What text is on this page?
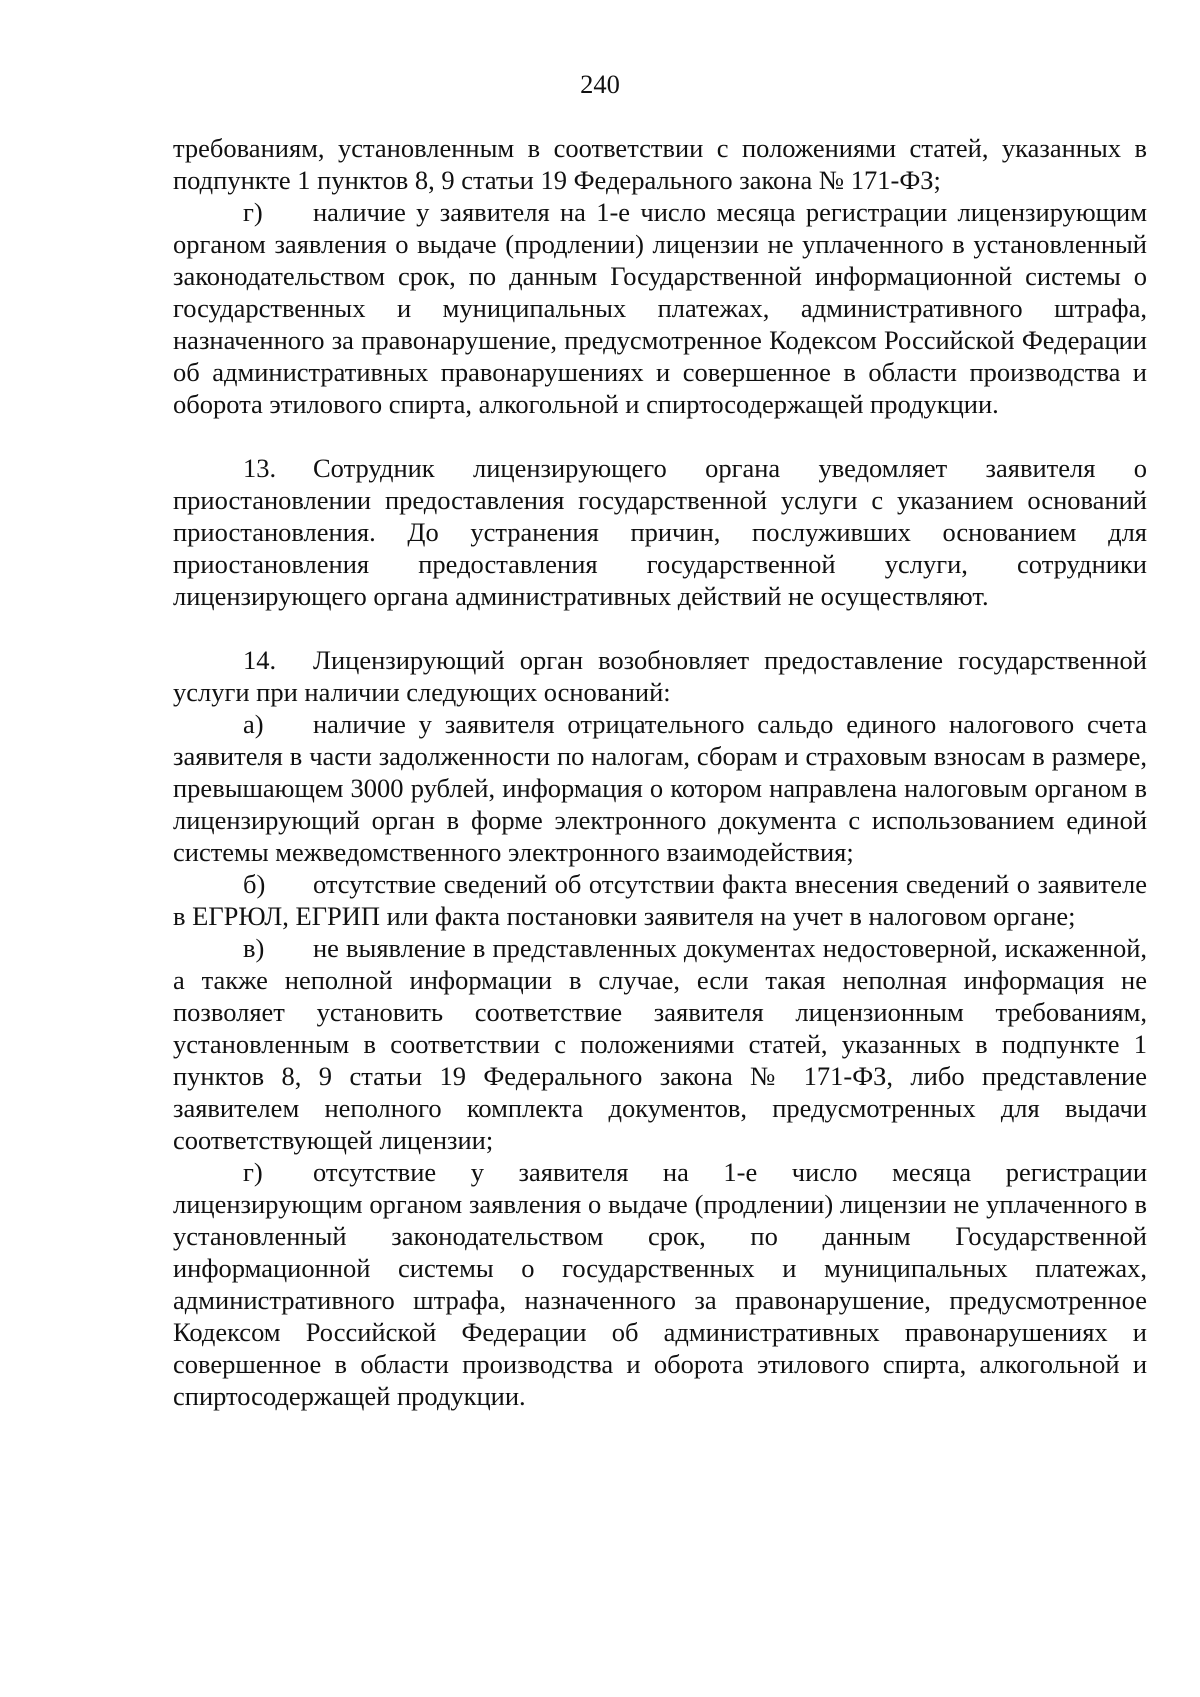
240

требованиям, установленным в соответствии с положениями статей, указанных в подпункте 1 пунктов 8, 9 статьи 19 Федерального закона № 171-ФЗ;

г) наличие у заявителя на 1-е число месяца регистрации лицензирующим органом заявления о выдаче (продлении) лицензии не уплаченного в установленный законодательством срок, по данным Государственной информационной системы о государственных и муниципальных платежах, административного штрафа, назначенного за правонарушение, предусмотренное Кодексом Российской Федерации об административных правонарушениях и совершенное в области производства и оборота этилового спирта, алкогольной и спиртосодержащей продукции.

13. Сотрудник лицензирующего органа уведомляет заявителя о приостановлении предоставления государственной услуги с указанием оснований приостановления. До устранения причин, послуживших основанием для приостановления предоставления государственной услуги, сотрудники лицензирующего органа административных действий не осуществляют.

14. Лицензирующий орган возобновляет предоставление государственной услуги при наличии следующих оснований:

а) наличие у заявителя отрицательного сальдо единого налогового счета заявителя в части задолженности по налогам, сборам и страховым взносам в размере, превышающем 3000 рублей, информация о котором направлена налоговым органом в лицензирующий орган в форме электронного документа с использованием единой системы межведомственного электронного взаимодействия;

б) отсутствие сведений об отсутствии факта внесения сведений о заявителе в ЕГРЮЛ, ЕГРИП или факта постановки заявителя на учет в налоговом органе;

в) не выявление в представленных документах недостоверной, искаженной, а также неполной информации в случае, если такая неполная информация не позволяет установить соответствие заявителя лицензионным требованиям, установленным в соответствии с положениями статей, указанных в подпункте 1 пунктов 8, 9 статьи 19 Федерального закона № 171-ФЗ, либо представление заявителем неполного комплекта документов, предусмотренных для выдачи соответствующей лицензии;

г) отсутствие у заявителя на 1-е число месяца регистрации лицензирующим органом заявления о выдаче (продлении) лицензии не уплаченного в установленный законодательством срок, по данным Государственной информационной системы о государственных и муниципальных платежах, административного штрафа, назначенного за правонарушение, предусмотренное Кодексом Российской Федерации об административных правонарушениях и совершенное в области производства и оборота этилового спирта, алкогольной и спиртосодержащей продукции.
